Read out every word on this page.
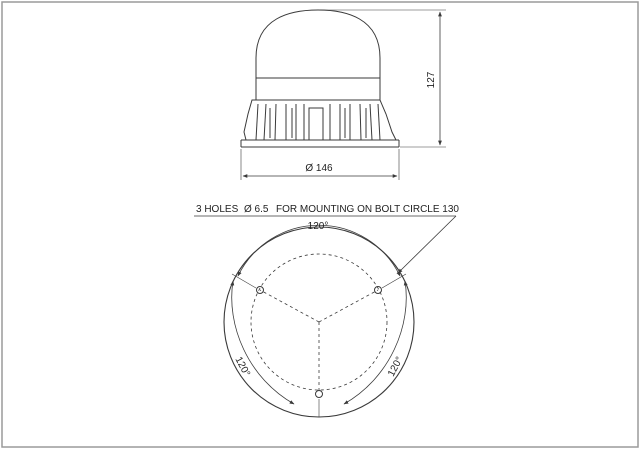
127
Ø 146
3 HOLES Ø 6.5 FOR MOUNTING ON BOLT CIRCLE 130
120°
120°	120°
